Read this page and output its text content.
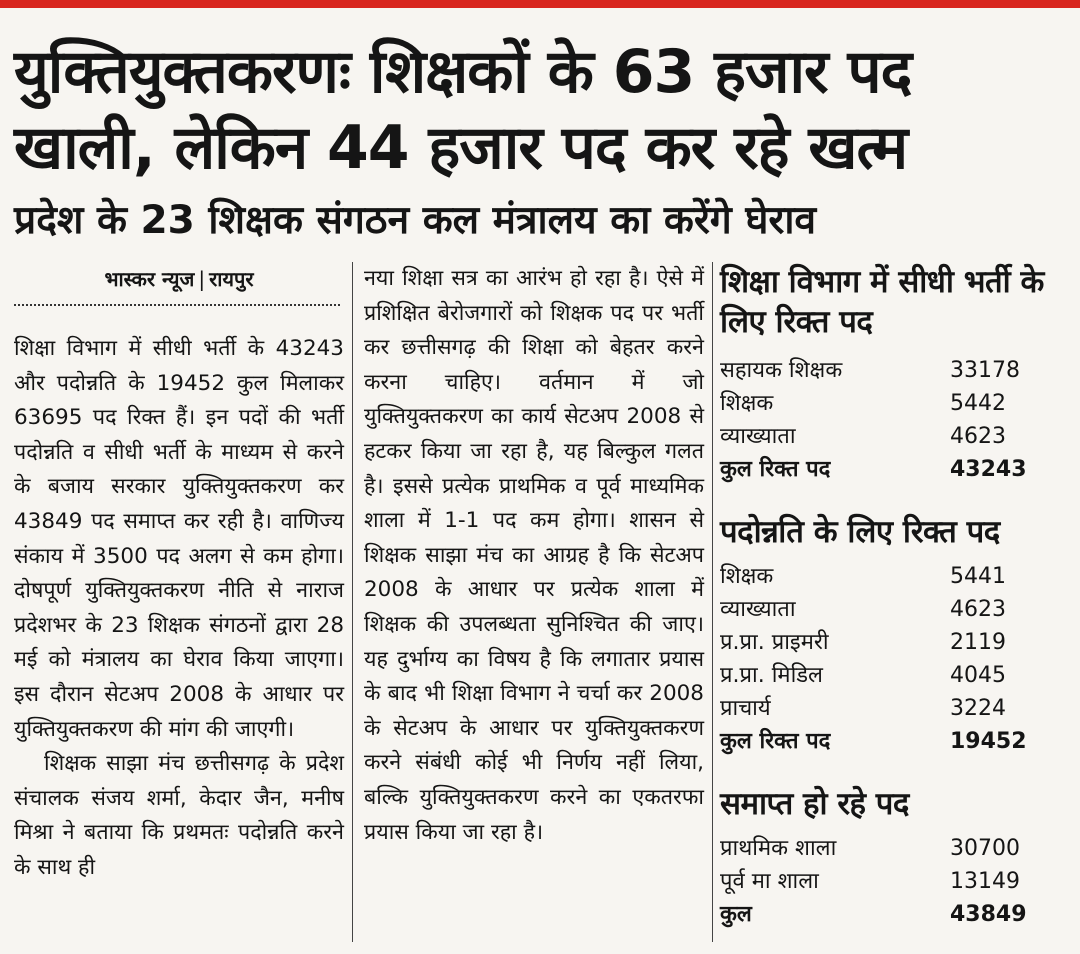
युक्तियुक्तकरणः शिक्षकों के 63 हजार पद
खाली, लेकिन 44 हजार पद कर रहे खत्म
प्रदेश के 23 शिक्षक संगठन कल मंत्रालय का करेंगे घेराव
भास्कर न्यूज | रायपुर

शिक्षा विभाग में सीधी भर्ती के 43243 और पदोन्नति के 19452 कुल मिलाकर 63695 पद रिक्त हैं। इन पदों की भर्ती पदोन्नति व सीधी भर्ती के माध्यम से करने के बजाय सरकार युक्तियुक्तकरण कर 43849 पद समाप्त कर रही है। वाणिज्य संकाय में 3500 पद अलग से कम होगा। दोषपूर्ण युक्तियुक्तकरण नीति से नाराज प्रदेशभर के 23 शिक्षक संगठनों द्वारा 28 मई को मंत्रालय का घेराव किया जाएगा। इस दौरान सेटअप 2008 के आधार पर युक्तियुक्तकरण की मांग की जाएगी।

शिक्षक साझा मंच छत्तीसगढ़ के प्रदेश संचालक संजय शर्मा, केदार जैन, मनीष मिश्रा ने बताया कि प्रथमतः पदोन्नति करने के साथ ही

नया शिक्षा सत्र का आरंभ हो रहा है। ऐसे में प्रशिक्षित बेरोजगारों को शिक्षक पद पर भर्ती कर छत्तीसगढ़ की शिक्षा को बेहतर करने करना चाहिए। वर्तमान में जो युक्तियुक्तकरण का कार्य सेटअप 2008 से हटकर किया जा रहा है, यह बिल्कुल गलत है। इससे प्रत्येक प्राथमिक व पूर्व माध्यमिक शाला में 1-1 पद कम होगा। शासन से शिक्षक साझा मंच का आग्रह है कि सेटअप 2008 के आधार पर प्रत्येक शाला में शिक्षक की उपलब्धता सुनिश्चित की जाए। यह दुर्भाग्य का विषय है कि लगातार प्रयास के बाद भी शिक्षा विभाग ने चर्चा कर 2008 के सेटअप के आधार पर युक्तियुक्तकरण करने संबंधी कोई भी निर्णय नहीं लिया, बल्कि युक्तियुक्तकरण करने का एकतरफा प्रयास किया जा रहा है।

शिक्षा विभाग में सीधी भर्ती के लिए रिक्त पद
सहायक शिक्षक	33178
शिक्षक	5442
व्याख्याता	4623
कुल रिक्त पद	43243
पदोन्नति के लिए रिक्त पद
शिक्षक	5441
व्याख्याता	4623
प्र.प्रा. प्राइमरी	2119
प्र.प्रा. मिडिल	4045
प्राचार्य	3224
कुल रिक्त पद	19452
समाप्त हो रहे पद
प्राथमिक शाला	30700
पूर्व मा शाला	13149
कुल	43849
